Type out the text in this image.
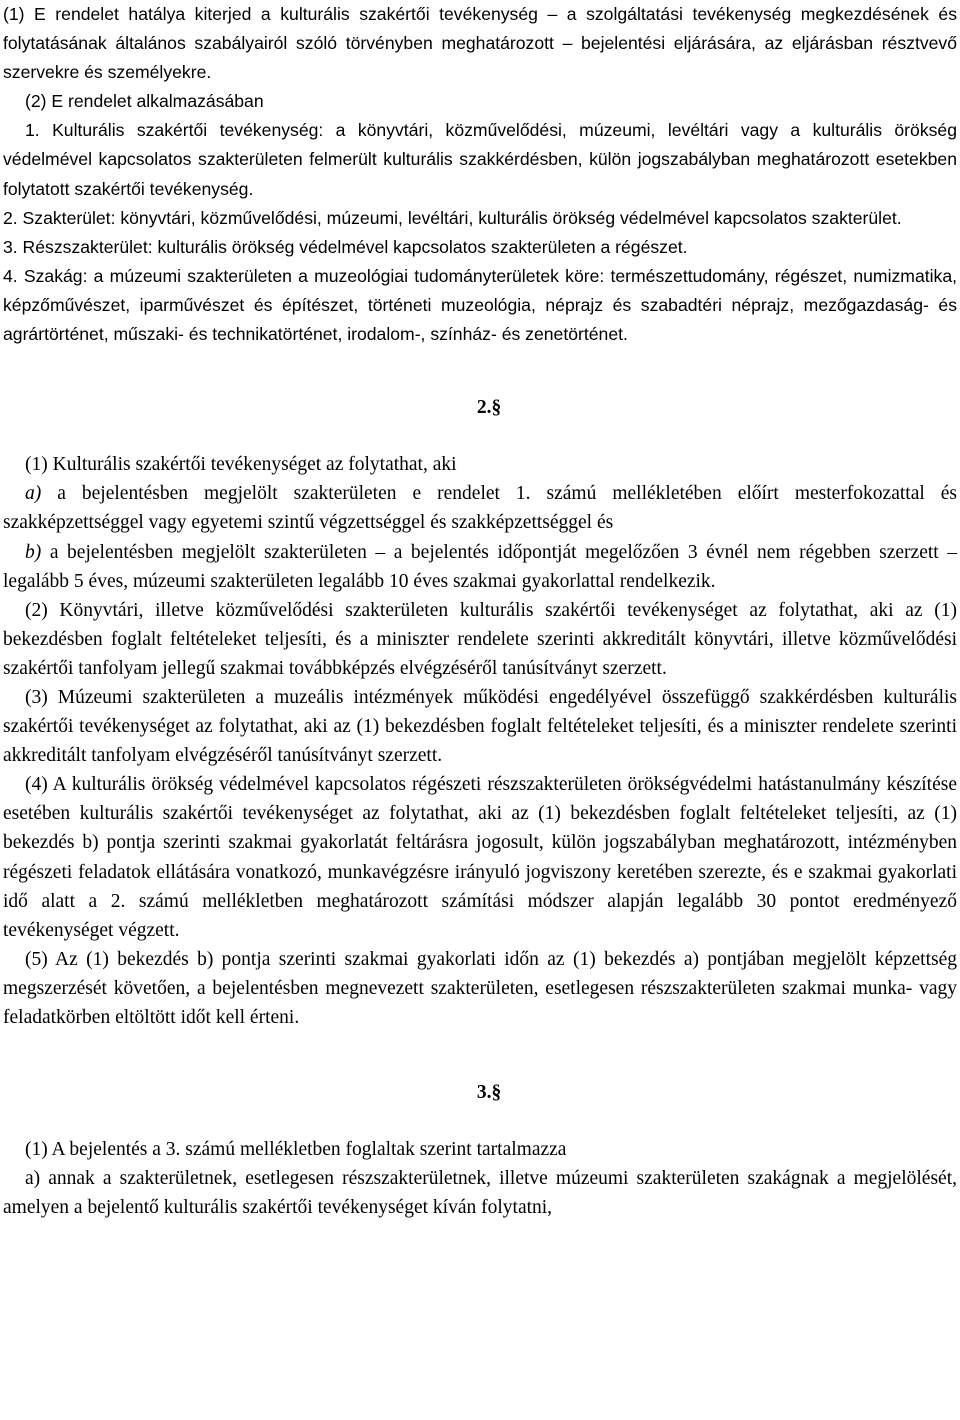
(1) E rendelet hatálya kiterjed a kulturális szakértői tevékenység – a szolgáltatási tevékenység megkezdésének és folytatásának általános szabályairól szóló törvényben meghatározott – bejelentési eljárására, az eljárásban résztvevő szervekre és személyekre.
(2) E rendelet alkalmazásában
1. Kulturális szakértői tevékenység: a könyvtári, közművelődési, múzeumi, levéltári vagy a kulturális örökség védelmével kapcsolatos szakterületen felmerült kulturális szakkérdésben, külön jogszabályban meghatározott esetekben folytatott szakértői tevékenység.
2. Szakterület: könyvtári, közművelődési, múzeumi, levéltári, kulturális örökség védelmével kapcsolatos szakterület.
3. Részszakterület: kulturális örökség védelmével kapcsolatos szakterületen a régészet.
4. Szakág: a múzeumi szakterületen a muzeológiai tudományterületek köre: természettudomány, régészet, numizmatika, képzőművészet, iparművészet és építészet, történeti muzeológia, néprajz és szabadtéri néprajz, mezőgazdaság- és agrártörténet, műszaki- és technikatörténet, irodalom-, színház- és zenetörténet.
2.§
(1) Kulturális szakértői tevékenységet az folytathat, aki
a) a bejelentésben megjelölt szakterületen e rendelet 1. számú mellékletében előírt mesterfokozattal és szakképzettséggel vagy egyetemi szintű végzettséggel és szakképzettséggel és
b) a bejelentésben megjelölt szakterületen – a bejelentés időpontját megelőzően 3 évnél nem régebben szerzett – legalább 5 éves, múzeumi szakterületen legalább 10 éves szakmai gyakorlattal rendelkezik.
(2) Könyvtári, illetve közművelődési szakterületen kulturális szakértői tevékenységet az folytathat, aki az (1) bekezdésben foglalt feltételeket teljesíti, és a miniszter rendelete szerinti akkreditált könyvtári, illetve közművelődési szakértői tanfolyam jellegű szakmai továbbképzés elvégzéséről tanúsítványt szerzett.
(3) Múzeumi szakterületen a muzeális intézmények működési engedélyével összefüggő szakkérdésben kulturális szakértői tevékenységet az folytathat, aki az (1) bekezdésben foglalt feltételeket teljesíti, és a miniszter rendelete szerinti akkreditált tanfolyam elvégzéséről tanúsítványt szerzett.
(4) A kulturális örökség védelmével kapcsolatos régészeti részszakterületen örökségvédelmi hatástanulmány készítése esetében kulturális szakértői tevékenységet az folytathat, aki az (1) bekezdésben foglalt feltételeket teljesíti, az (1) bekezdés b) pontja szerinti szakmai gyakorlatát feltárásra jogosult, külön jogszabályban meghatározott, intézményben régészeti feladatok ellátására vonatkozó, munkavégzésre irányuló jogviszony keretében szerezte, és e szakmai gyakorlati idő alatt a 2. számú mellékletben meghatározott számítási módszer alapján legalább 30 pontot eredményező tevékenységet végzett.
(5) Az (1) bekezdés b) pontja szerinti szakmai gyakorlati időn az (1) bekezdés a) pontjában megjelölt képzettség megszerzését követően, a bejelentésben megnevezett szakterületen, esetlegesen részszakterületen szakmai munka- vagy feladatkörben eltöltött időt kell érteni.
3.§
(1) A bejelentés a 3. számú mellékletben foglaltak szerint tartalmazza
a) annak a szakterületnek, esetlegesen részszakterületnek, illetve múzeumi szakterületen szakágnak a megjelölését, amelyen a bejelentő kulturális szakértői tevékenységet kíván folytatni,
